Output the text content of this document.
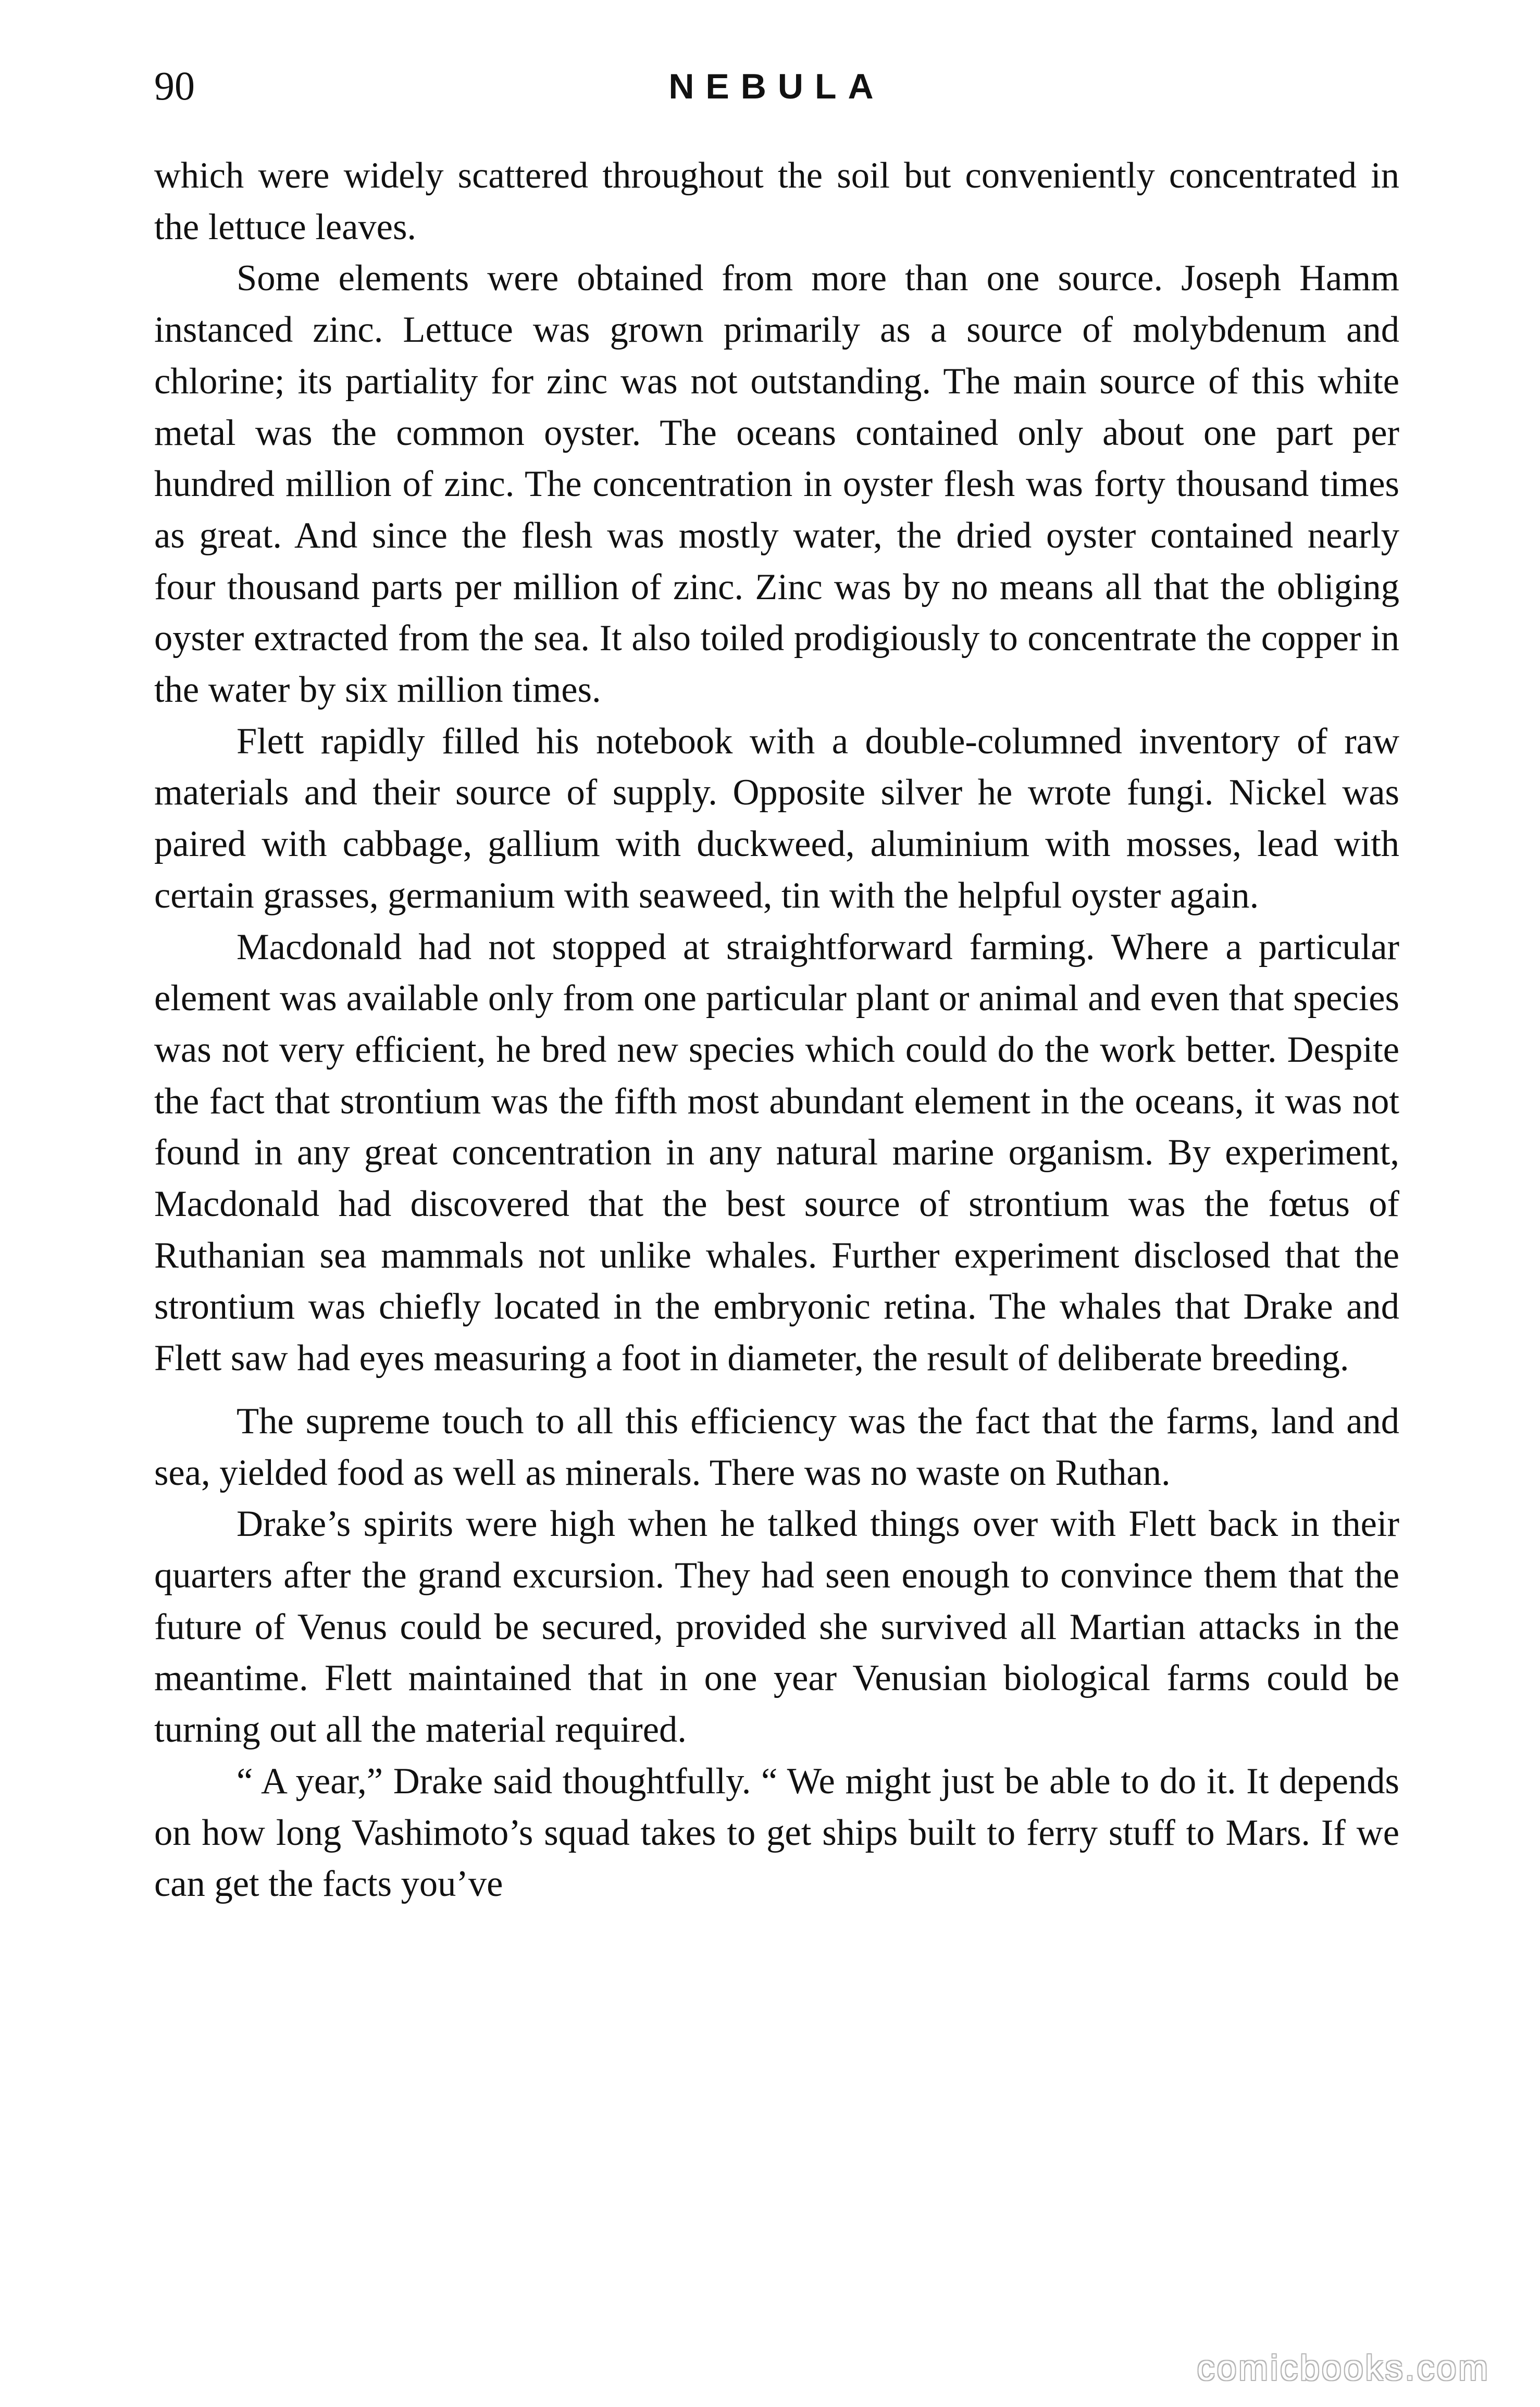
90	NEBULA

which were widely scattered throughout the soil but conveniently concentrated in the lettuce leaves.

Some elements were obtained from more than one source. Joseph Hamm instanced zinc. Lettuce was grown primarily as a source of molybdenum and chlorine; its partiality for zinc was not outstanding. The main source of this white metal was the common oyster. The oceans contained only about one part per hundred million of zinc. The concentration in oyster flesh was forty thousand times as great. And since the flesh was mostly water, the dried oyster contained nearly four thousand parts per million of zinc. Zinc was by no means all that the obliging oyster extracted from the sea. It also toiled prodigiously to concentrate the copper in the water by six million times.

Flett rapidly filled his notebook with a double-columned inventory of raw materials and their source of supply. Opposite silver he wrote fungi. Nickel was paired with cabbage, gallium with duckweed, aluminium with mosses, lead with certain grasses, germanium with seaweed, tin with the helpful oyster again.

Macdonald had not stopped at straightforward farming. Where a particular element was available only from one particular plant or animal and even that species was not very efficient, he bred new species which could do the work better. Despite the fact that strontium was the fifth most abundant element in the oceans, it was not found in any great concentration in any natural marine organism. By experiment, Macdonald had discovered that the best source of strontium was the fœtus of Ruthanian sea mammals not unlike whales. Further experiment disclosed that the strontium was chiefly located in the embryonic retina. The whales that Drake and Flett saw had eyes measuring a foot in diameter, the result of deliberate breeding.

The supreme touch to all this efficiency was the fact that the farms, land and sea, yielded food as well as minerals. There was no waste on Ruthan.

Drake’s spirits were high when he talked things over with Flett back in their quarters after the grand excursion. They had seen enough to convince them that the future of Venus could be secured, provided she survived all Martian attacks in the meantime. Flett maintained that in one year Venusian biological farms could be turning out all the material required.

“ A year,” Drake said thoughtfully. “ We might just be able to do it. It depends on how long Vashimoto’s squad takes to get ships built to ferry stuff to Mars. If we can get the facts you’ve

comicbooks.com
